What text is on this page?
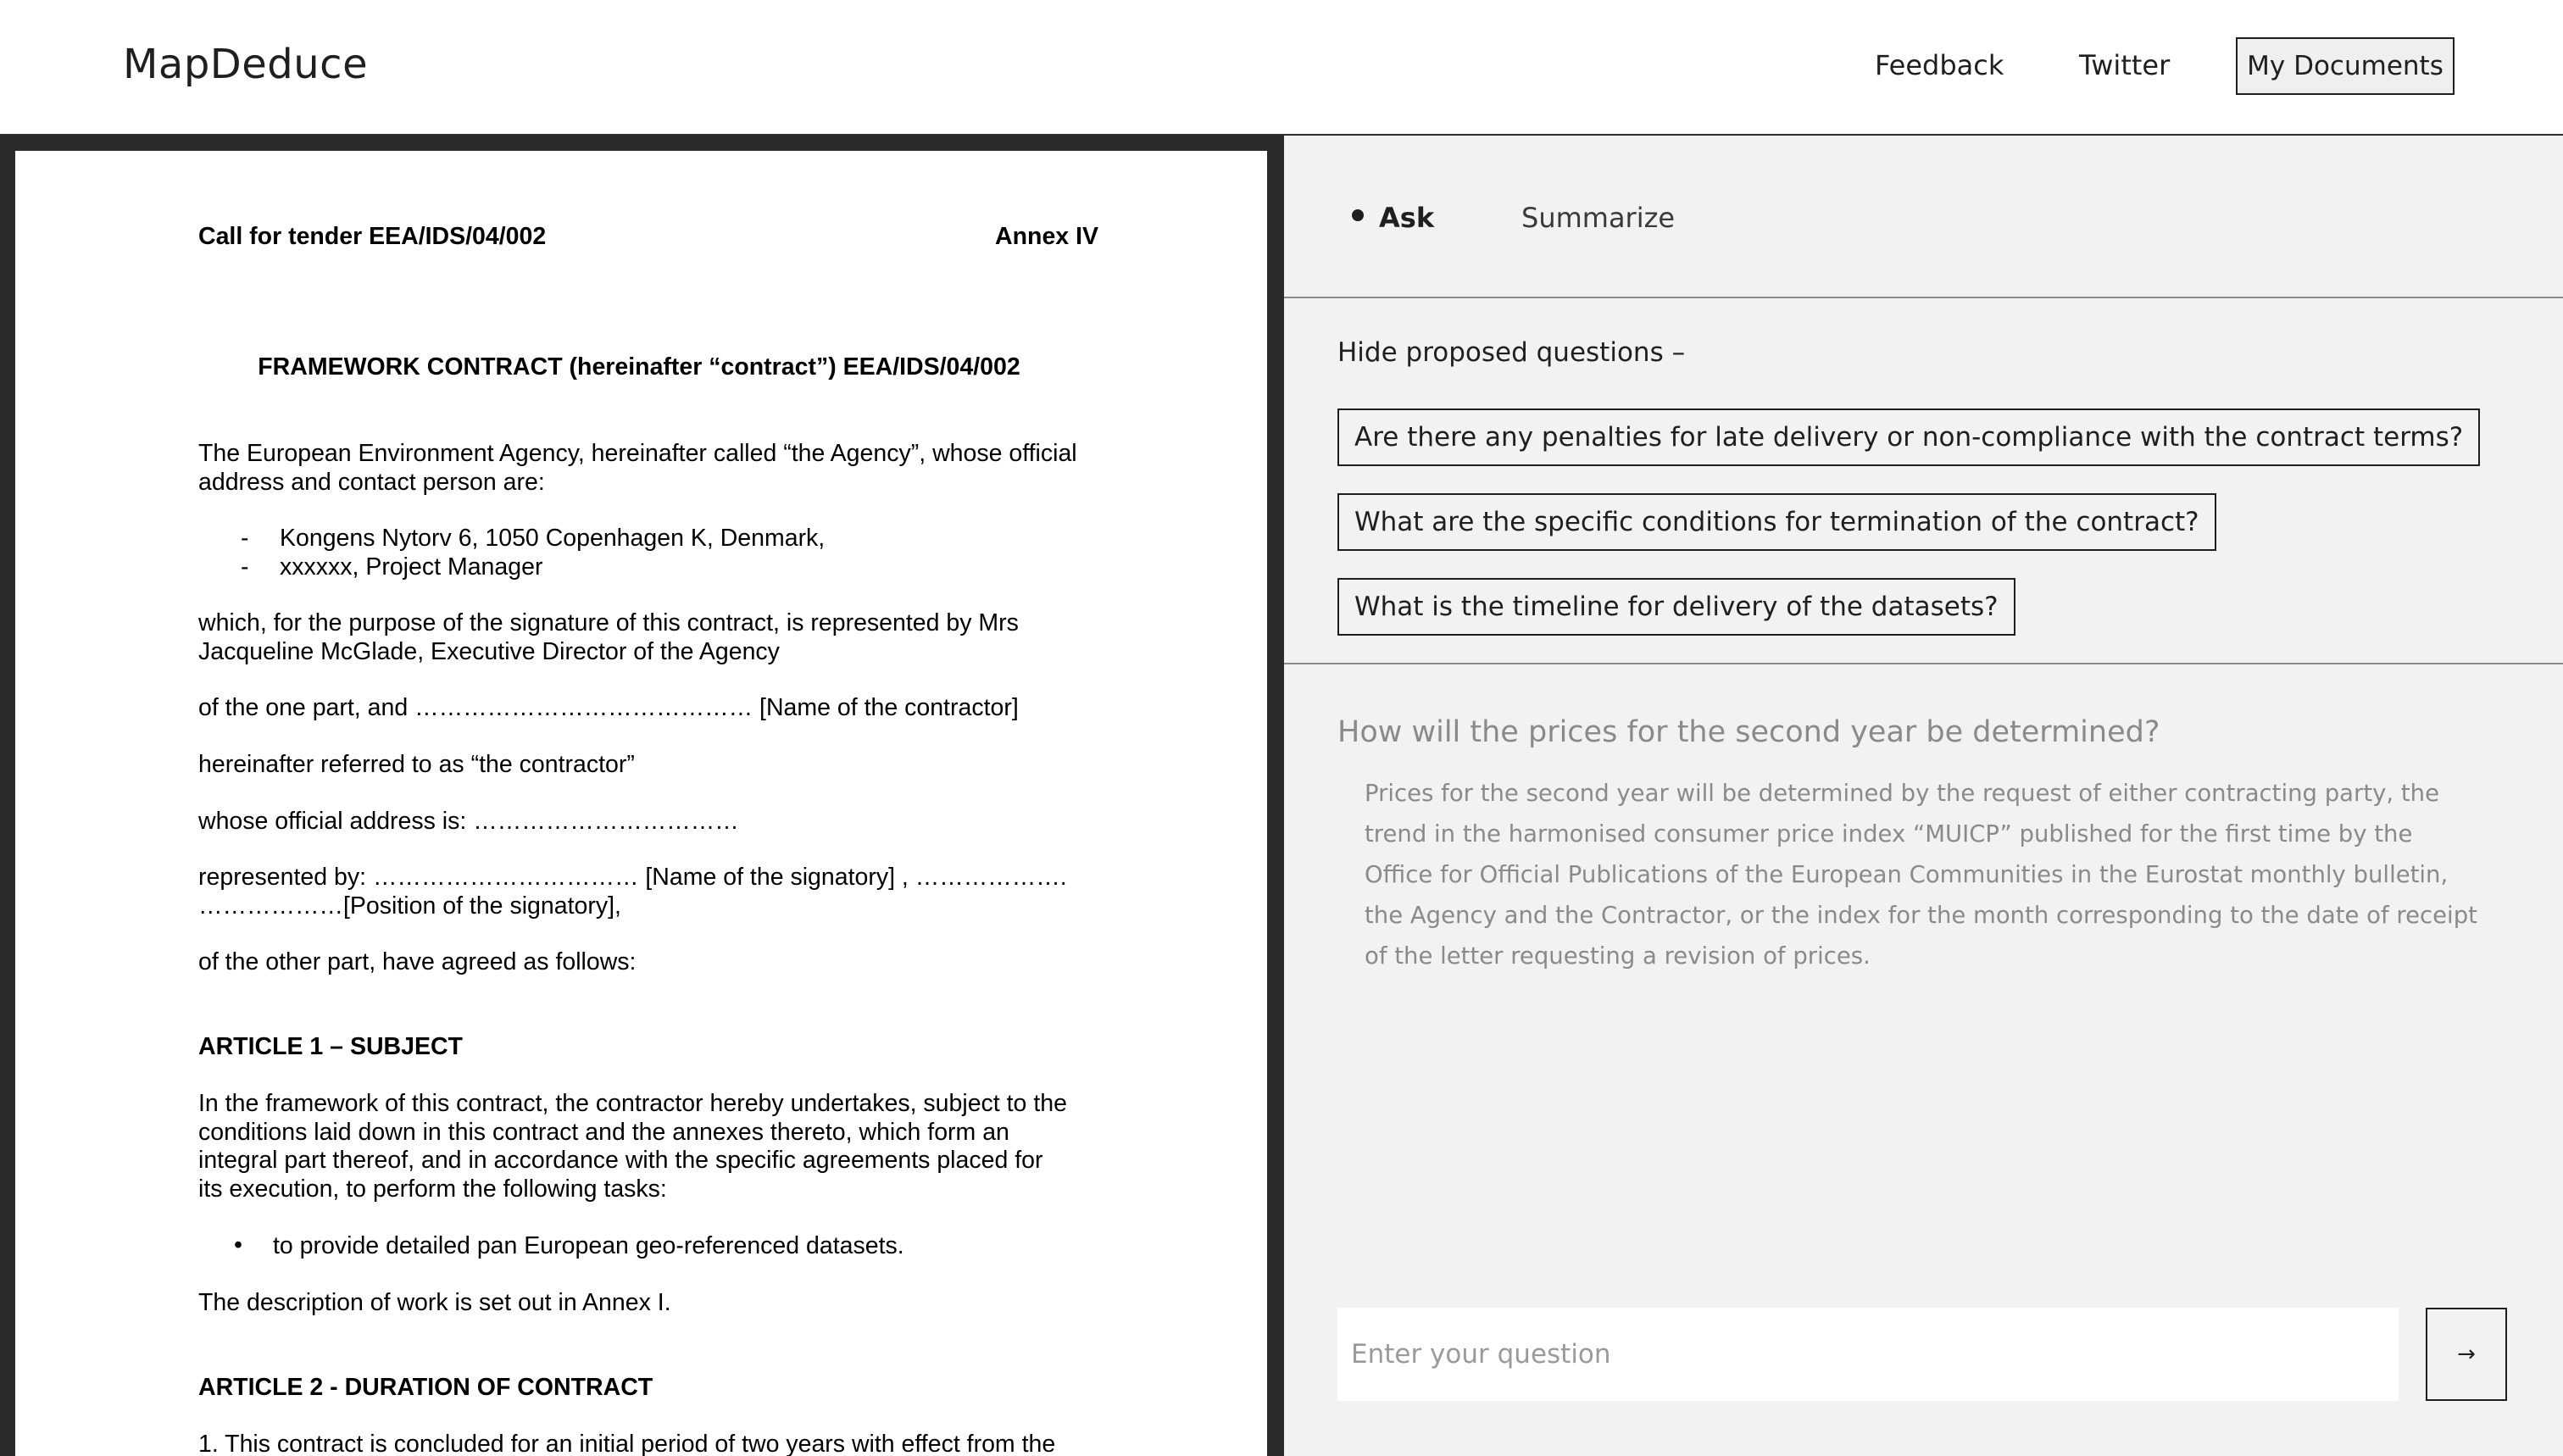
MapDeduce	Feedback	Twitter	My Documents
Call for tender EEA/IDS/04/002	Annex IV
FRAMEWORK CONTRACT (hereinafter “contract”) EEA/IDS/04/002
The European Environment Agency, hereinafter called “the Agency”, whose official
address and contact person are:
- Kongens Nytorv 6, 1050 Copenhagen K, Denmark,
- xxxxxx, Project Manager
which, for the purpose of the signature of this contract, is represented by Mrs
Jacqueline McGlade, Executive Director of the Agency
of the one part, and …………………………………… [Name of the contractor]
hereinafter referred to as “the contractor”
whose official address is: ……………………………
represented by: …………………………… [Name of the signatory] , ……………….
………………[Position of the signatory],
of the other part, have agreed as follows:
ARTICLE 1 – SUBJECT
In the framework of this contract, the contractor hereby undertakes, subject to the
conditions laid down in this contract and the annexes thereto, which form an
integral part thereof, and in accordance with the specific agreements placed for
its execution, to perform the following tasks:
• to provide detailed pan European geo-referenced datasets.
The description of work is set out in Annex I.
ARTICLE 2 - DURATION OF CONTRACT
1. This contract is concluded for an initial period of two years with effect from the
Ask	Summarize
Hide proposed questions –
Are there any penalties for late delivery or non-compliance with the contract terms?
What are the specific conditions for termination of the contract?
What is the timeline for delivery of the datasets?
How will the prices for the second year be determined?
Prices for the second year will be determined by the request of either contracting party, the trend in the harmonised consumer price index “MUICP” published for the first time by the Office for Official Publications of the European Communities in the Eurostat monthly bulletin, the Agency and the Contractor, or the index for the month corresponding to the date of receipt of the letter requesting a revision of prices.
Enter your question
→
